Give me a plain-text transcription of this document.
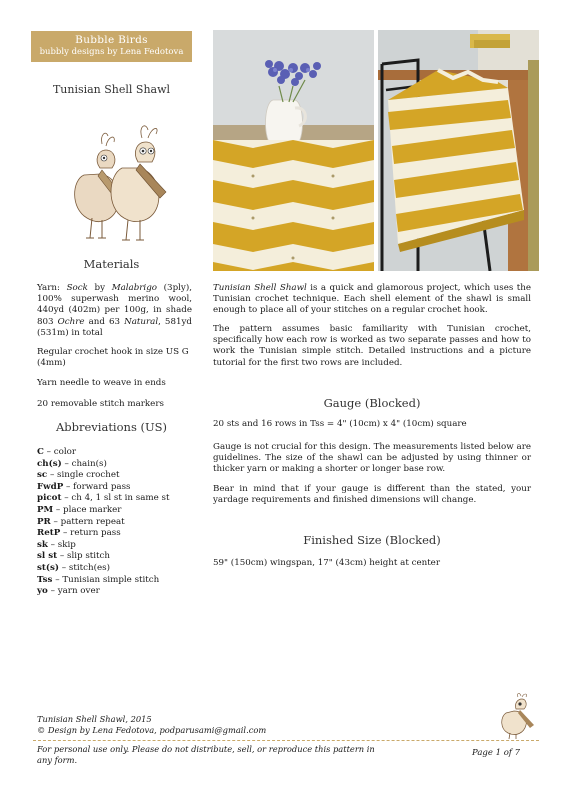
Bubble Birds
bubbly designs by Lena Fedotova
Tunisian Shell Shawl
Materials
Yarn: Sock by Malabrigo (3ply), 100% superwash merino wool, 440yd (402m) per 100g, in shade 803 Ochre and 63 Natural, 581yd (531m) in total
Regular crochet hook in size US G (4mm)
Yarn needle to weave in ends
20 removable stitch markers
Abbreviations (US)
C – color
ch(s) – chain(s)
sc – single crochet
FwdP – forward pass
picot – ch 4, 1 sl st in same st
PM – place marker
PR – pattern repeat
RetP – return pass
sk – skip
sl st – slip stitch
st(s) – stitch(es)
Tss – Tunisian simple stitch
yo – yarn over
Tunisian Shell Shawl is a quick and glamorous project, which uses the Tunisian crochet technique. Each shell element of the shawl is small enough to place all of your stitches on a regular crochet hook.
The pattern assumes basic familiarity with Tunisian crochet, specifically how each row is worked as two separate passes and how to work the Tunisian simple stitch. Detailed instructions and a picture tutorial for the first two rows are included.
Gauge (Blocked)
20 sts and 16 rows in Tss = 4" (10cm) x 4" (10cm) square
Gauge is not crucial for this design. The measurements listed below are guidelines. The size of the shawl can be adjusted by using thinner or thicker yarn or making a shorter or longer base row.
Bear in mind that if your gauge is different than the stated, your yardage requirements and finished dimensions will change.
Finished Size (Blocked)
59" (150cm) wingspan, 17" (43cm) height at center
Tunisian Shell Shawl, 2015
© Design by Lena Fedotova, podparusami@gmail.com
For personal use only. Please do not distribute, sell, or reproduce this pattern in any form.
Page 1 of 7
